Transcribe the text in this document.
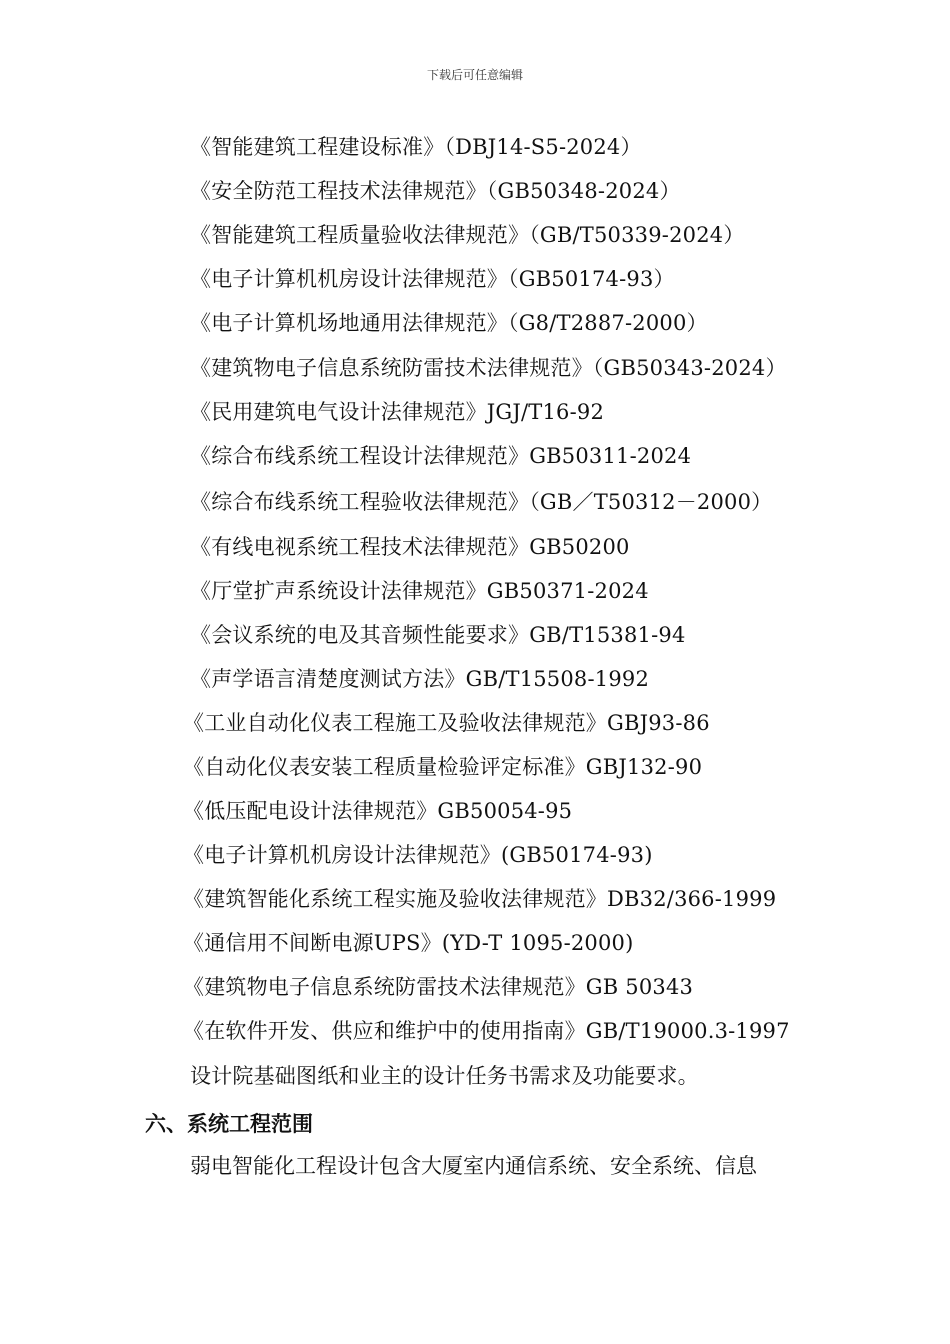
下载后可任意编辑
《智能建筑工程建设标准》（DBJ14-S5-2024）
《安全防范工程技术法律规范》（GB50348-2024）
《智能建筑工程质量验收法律规范》（GB/T50339-2024）
《电子计算机机房设计法律规范》（GB50174-93）
《电子计算机场地通用法律规范》（G8/T2887-2000）
《建筑物电子信息系统防雷技术法律规范》（GB50343-2024）
《民用建筑电气设计法律规范》JGJ/T16-92
《综合布线系统工程设计法律规范》GB50311-2024
《综合布线系统工程验收法律规范》（GB／T50312－2000）
《有线电视系统工程技术法律规范》GB50200
《厅堂扩声系统设计法律规范》GB50371-2024
《会议系统的电及其音频性能要求》GB/T15381-94
《声学语言清楚度测试方法》GB/T15508-1992
《工业自动化仪表工程施工及验收法律规范》GBJ93-86
《自动化仪表安装工程质量检验评定标准》GBJ132-90
《低压配电设计法律规范》GB50054-95
《电子计算机机房设计法律规范》(GB50174-93)
《建筑智能化系统工程实施及验收法律规范》DB32/366-1999
《通信用不间断电源UPS》(YD-T 1095-2000)
《建筑物电子信息系统防雷技术法律规范》GB 50343
《在软件开发、供应和维护中的使用指南》GB/T19000.3-1997
设计院基础图纸和业主的设计任务书需求及功能要求。
六、系统工程范围
弱电智能化工程设计包含大厦室内通信系统、安全系统、信息
